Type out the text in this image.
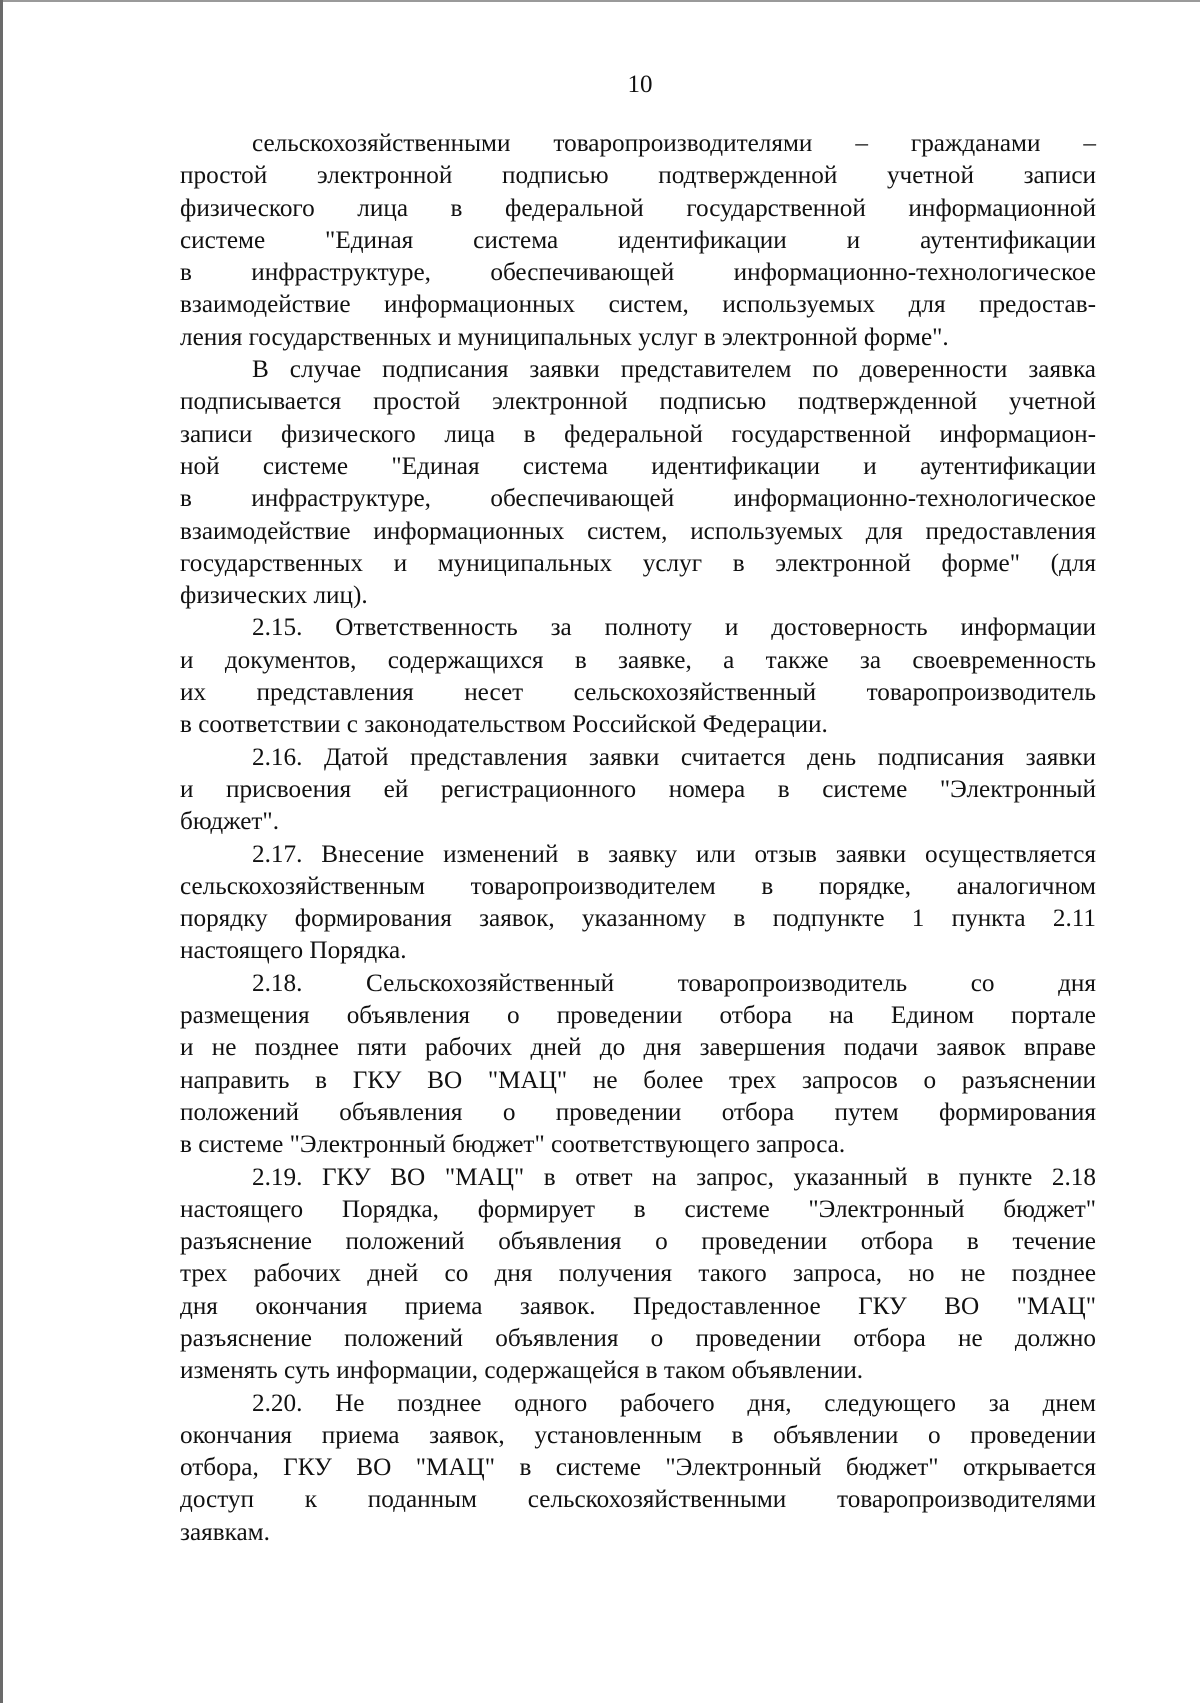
10

сельскохозяйственными товаропроизводителями – гражданами –
простой электронной подписью подтвержденной учетной записи
физического лица в федеральной государственной информационной
системе "Единая система идентификации и аутентификации
в инфраструктуре, обеспечивающей информационно-технологическое
взаимодействие информационных систем, используемых для предостав-
ления государственных и муниципальных услуг в электронной форме".

В случае подписания заявки представителем по доверенности заявка
подписывается простой электронной подписью подтвержденной учетной
записи физического лица в федеральной государственной информацион-
ной системе "Единая система идентификации и аутентификации
в инфраструктуре, обеспечивающей информационно-технологическое
взаимодействие информационных систем, используемых для предоставления
государственных и муниципальных услуг в электронной форме" (для
физических лиц).

2.15. Ответственность за полноту и достоверность информации
и документов, содержащихся в заявке, а также за своевременность
их представления несет сельскохозяйственный товаропроизводитель
в соответствии с законодательством Российской Федерации.

2.16. Датой представления заявки считается день подписания заявки
и присвоения ей регистрационного номера в системе "Электронный
бюджет".

2.17. Внесение изменений в заявку или отзыв заявки осуществляется
сельскохозяйственным товаропроизводителем в порядке, аналогичном
порядку формирования заявок, указанному в подпункте 1 пункта 2.11
настоящего Порядка.

2.18. Сельскохозяйственный товаропроизводитель со дня
размещения объявления о проведении отбора на Едином портале
и не позднее пяти рабочих дней до дня завершения подачи заявок вправе
направить в ГКУ ВО "МАЦ" не более трех запросов о разъяснении
положений объявления о проведении отбора путем формирования
в системе "Электронный бюджет" соответствующего запроса.

2.19. ГКУ ВО "МАЦ" в ответ на запрос, указанный в пункте 2.18
настоящего Порядка, формирует в системе "Электронный бюджет"
разъяснение положений объявления о проведении отбора в течение
трех рабочих дней со дня получения такого запроса, но не позднее
дня окончания приема заявок. Предоставленное ГКУ ВО "МАЦ"
разъяснение положений объявления о проведении отбора не должно
изменять суть информации, содержащейся в таком объявлении.

2.20. Не позднее одного рабочего дня, следующего за днем
окончания приема заявок, установленным в объявлении о проведении
отбора, ГКУ ВО "МАЦ" в системе "Электронный бюджет" открывается
доступ к поданным сельскохозяйственными товаропроизводителями
заявкам.
